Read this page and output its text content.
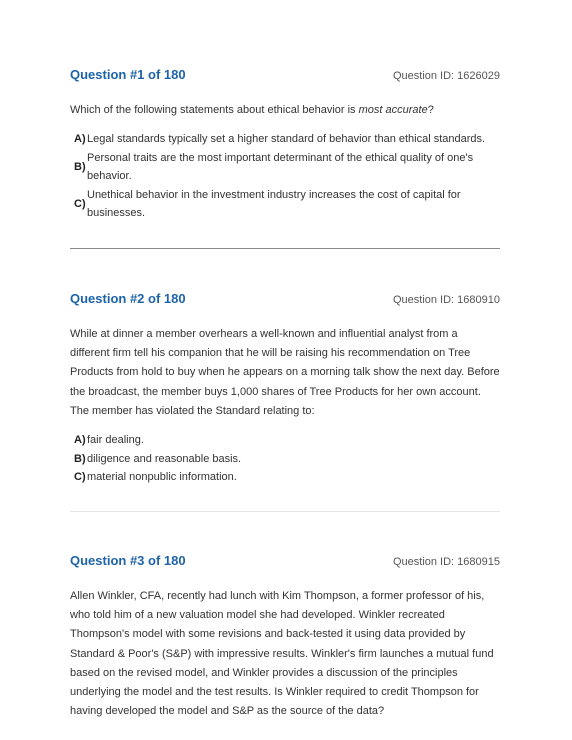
Question #1 of 180	Question ID: 1626029
Which of the following statements about ethical behavior is most accurate?
A) Legal standards typically set a higher standard of behavior than ethical standards.
B)
Personal traits are the most important determinant of the ethical quality of one's behavior.
C)
Unethical behavior in the investment industry increases the cost of capital for businesses.
Question #2 of 180	Question ID: 1680910
While at dinner a member overhears a well-known and influential analyst from a different firm tell his companion that he will be raising his recommendation on Tree Products from hold to buy when he appears on a morning talk show the next day. Before the broadcast, the member buys 1,000 shares of Tree Products for her own account. The member has violated the Standard relating to:
A) fair dealing.
B) diligence and reasonable basis.
C) material nonpublic information.
Question #3 of 180	Question ID: 1680915
Allen Winkler, CFA, recently had lunch with Kim Thompson, a former professor of his, who told him of a new valuation model she had developed. Winkler recreated Thompson's model with some revisions and back-tested it using data provided by Standard & Poor's (S&P) with impressive results. Winkler's firm launches a mutual fund based on the revised model, and Winkler provides a discussion of the principles underlying the model and the test results. Is Winkler required to credit Thompson for having developed the model and S&P as the source of the data?
